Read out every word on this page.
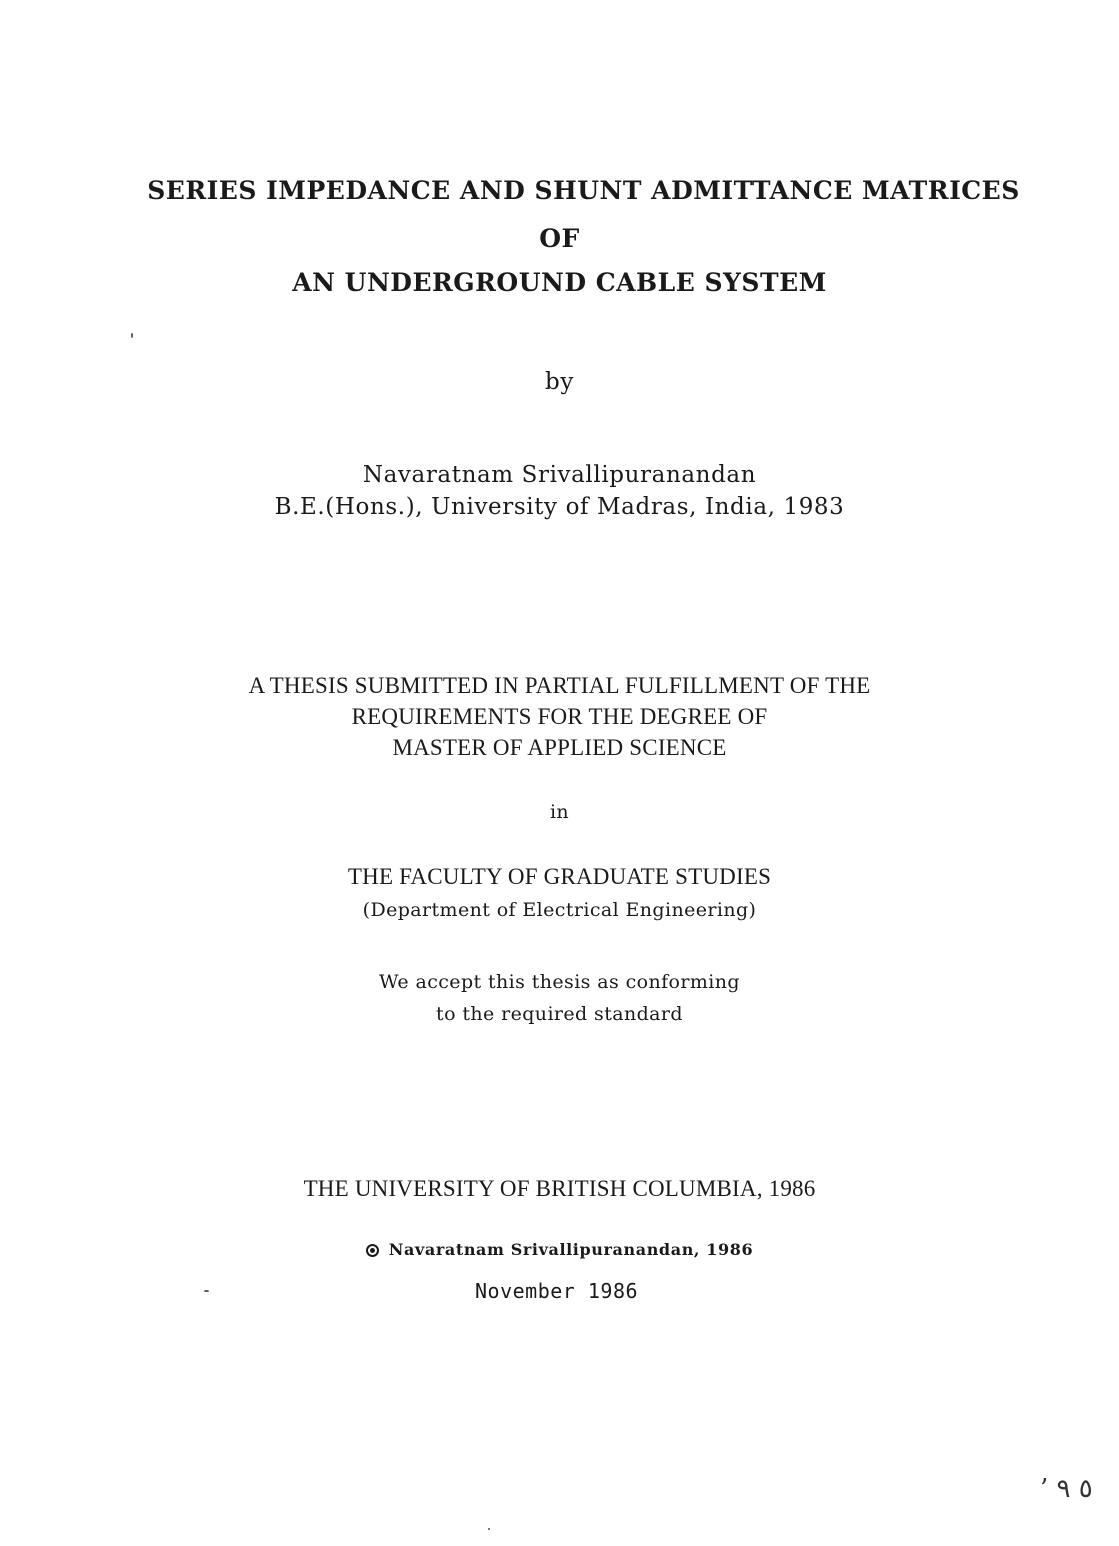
SERIES IMPEDANCE AND SHUNT ADMITTANCE MATRICES
OF
AN UNDERGROUND CABLE SYSTEM
by
Navaratnam Srivallipuranandan
B.E.(Hons.), University of Madras, India, 1983
A THESIS SUBMITTED IN PARTIAL FULFILLMENT OF THE
REQUIREMENTS FOR THE DEGREE OF
MASTER OF APPLIED SCIENCE
in
THE FACULTY OF GRADUATE STUDIES
(Department of Electrical Engineering)
We accept this thesis as conforming
to the required standard
THE UNIVERSITY OF BRITISH COLUMBIA, 1986
Navaratnam Srivallipuranandan, 1986
November 1986
’ ٥ ٩
